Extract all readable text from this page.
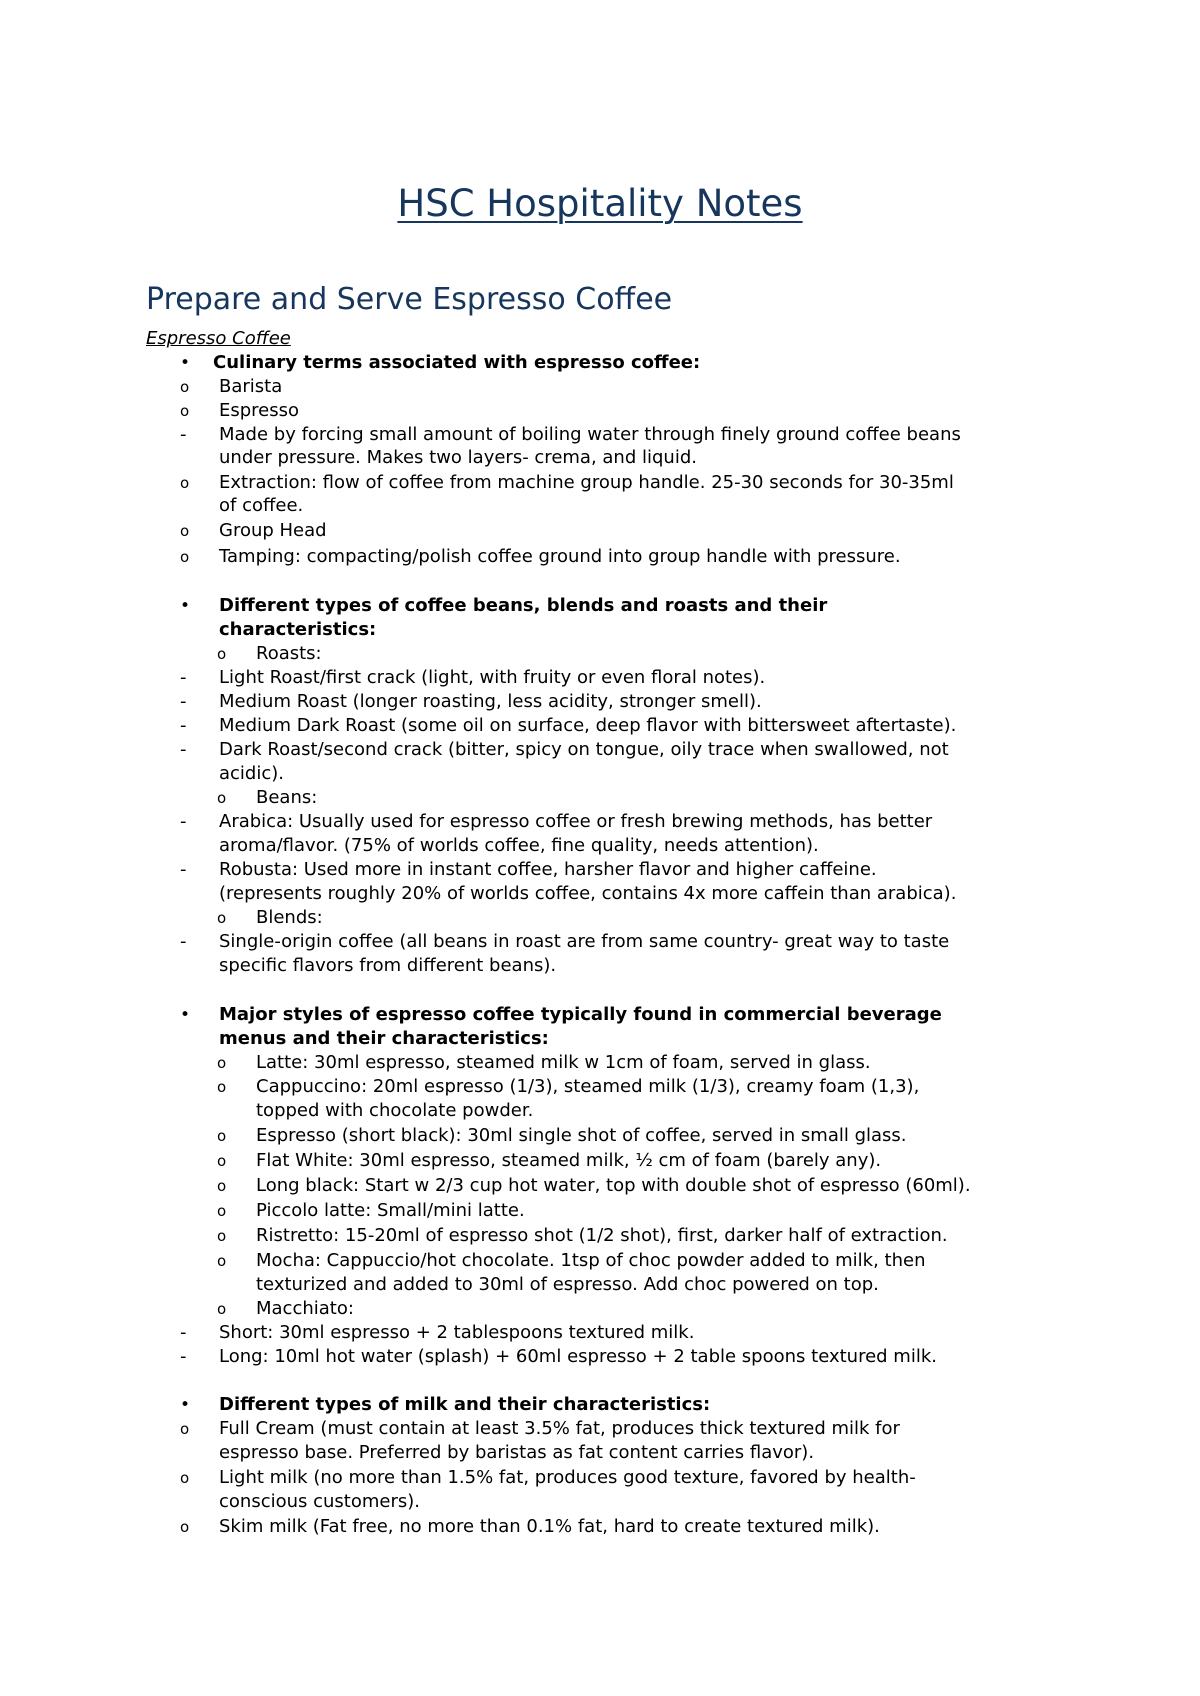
HSC Hospitality Notes
Prepare and Serve Espresso Coffee
Espresso Coffee
•	Culinary terms associated with espresso coffee:
o	Barista
o	Espresso
-	Made by forcing small amount of boiling water through finely ground coffee beans
under pressure. Makes two layers- crema, and liquid.
o	Extraction: flow of coffee from machine group handle. 25-30 seconds for 30-35ml
of coffee.
o	Group Head
o	Tamping: compacting/polish coffee ground into group handle with pressure.
•	Different types of coffee beans, blends and roasts and their
characteristics:
o	Roasts:
-	Light Roast/first crack (light, with fruity or even floral notes).
-	Medium Roast (longer roasting, less acidity, stronger smell).
-	Medium Dark Roast (some oil on surface, deep flavor with bittersweet aftertaste).
-	Dark Roast/second crack (bitter, spicy on tongue, oily trace when swallowed, not
acidic).
o	Beans:
-	Arabica: Usually used for espresso coffee or fresh brewing methods, has better
aroma/flavor. (75% of worlds coffee, fine quality, needs attention).
-	Robusta: Used more in instant coffee, harsher flavor and higher caffeine.
(represents roughly 20% of worlds coffee, contains 4x more caffein than arabica).
o	Blends:
-	Single-origin coffee (all beans in roast are from same country- great way to taste
specific flavors from different beans).
•	Major styles of espresso coffee typically found in commercial beverage
menus and their characteristics:
o	Latte: 30ml espresso, steamed milk w 1cm of foam, served in glass.
o	Cappuccino: 20ml espresso (1/3), steamed milk (1/3), creamy foam (1,3),
topped with chocolate powder.
o	Espresso (short black): 30ml single shot of coffee, served in small glass.
o	Flat White: 30ml espresso, steamed milk, ½ cm of foam (barely any).
o	Long black: Start w 2/3 cup hot water, top with double shot of espresso (60ml).
o	Piccolo latte: Small/mini latte.
o	Ristretto: 15-20ml of espresso shot (1/2 shot), first, darker half of extraction.
o	Mocha: Cappuccio/hot chocolate. 1tsp of choc powder added to milk, then
texturized and added to 30ml of espresso. Add choc powered on top.
o	Macchiato:
-	Short: 30ml espresso + 2 tablespoons textured milk.
-	Long: 10ml hot water (splash) + 60ml espresso + 2 table spoons textured milk.
•	Different types of milk and their characteristics:
o	Full Cream (must contain at least 3.5% fat, produces thick textured milk for
espresso base. Preferred by baristas as fat content carries flavor).
o	Light milk (no more than 1.5% fat, produces good texture, favored by health-
conscious customers).
o	Skim milk (Fat free, no more than 0.1% fat, hard to create textured milk).
